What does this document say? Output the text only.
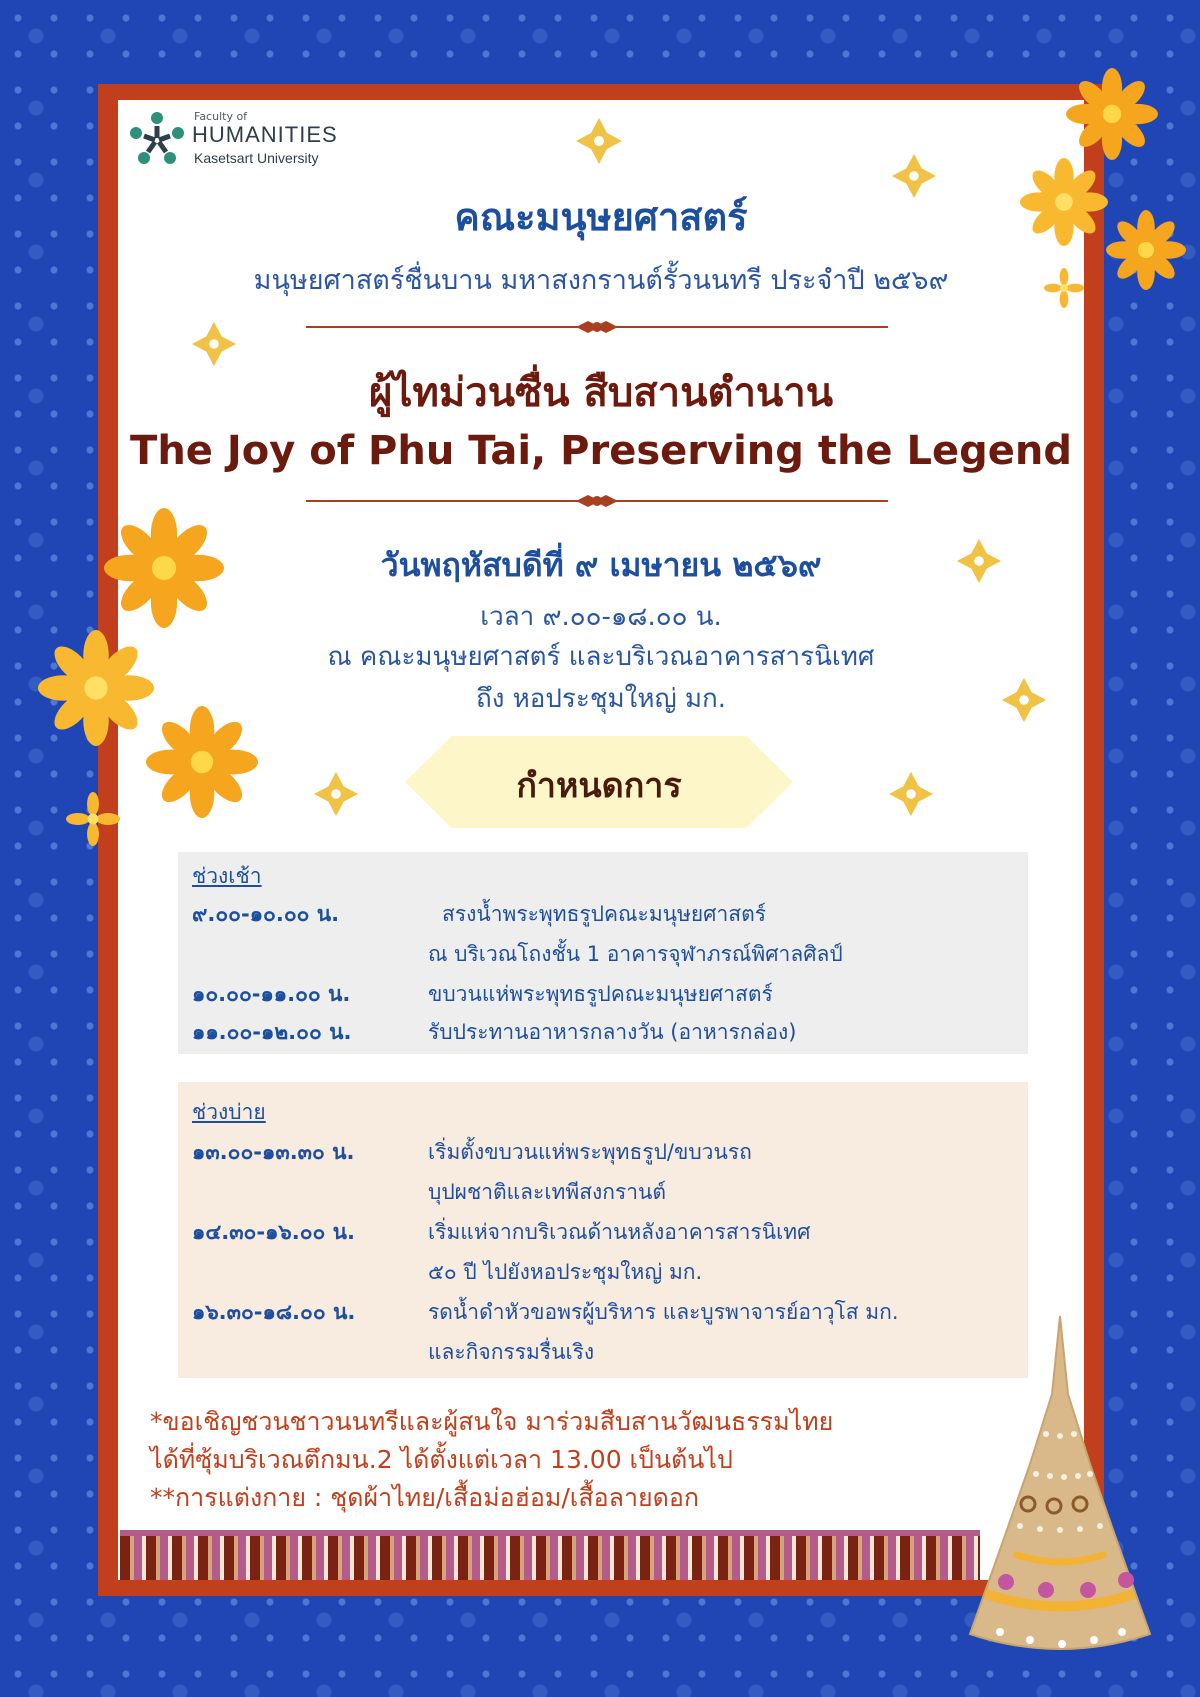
Faculty of
HUMANITIES
Kasetsart University
คณะมนุษยศาสตร์
มนุษยศาสตร์ชื่นบาน มหาสงกรานต์รั้วนนทรี ประจำปี ๒๕๖๙
ผู้ไทม่วนซื่น สืบสานตำนาน
The Joy of Phu Tai, Preserving the Legend
วันพฤหัสบดีที่ ๙ เมษายน ๒๕๖๙
เวลา ๙.๐๐-๑๘.๐๐ น.
ณ คณะมนุษยศาสตร์ และบริเวณอาคารสารนิเทศ
ถึง หอประชุมใหญ่ มก.
กำหนดการ
ช่วงเช้า
๙.๐๐-๑๐.๐๐ น.	สรงน้ำพระพุทธรูปคณะมนุษยศาสตร์
ณ บริเวณโถงชั้น 1 อาคารจุฬาภรณ์พิศาลศิลป์
๑๐.๐๐-๑๑.๐๐ น.	ขบวนแห่พระพุทธรูปคณะมนุษยศาสตร์
๑๑.๐๐-๑๒.๐๐ น.	รับประทานอาหารกลางวัน (อาหารกล่อง)
ช่วงบ่าย
๑๓.๐๐-๑๓.๓๐ น.	เริ่มตั้งขบวนแห่พระพุทธรูป/ขบวนรถ
บุปผชาติและเทพีสงกรานต์
๑๔.๓๐-๑๖.๐๐ น.	เริ่มแห่จากบริเวณด้านหลังอาคารสารนิเทศ
๕๐ ปี ไปยังหอประชุมใหญ่ มก.
๑๖.๓๐-๑๘.๐๐ น.	รดน้ำดำหัวขอพรผู้บริหาร และบูรพาจารย์อาวุโส มก.
และกิจกรรมรื่นเริง
*ขอเชิญชวนชาวนนทรีและผู้สนใจ มาร่วมสืบสานวัฒนธรรมไทย
ได้ที่ซุ้มบริเวณตึกมน.2 ได้ตั้งแต่เวลา 13.00 เป็นต้นไป
**การแต่งกาย : ชุดผ้าไทย/เสื้อม่อฮ่อม/เสื้อลายดอก
